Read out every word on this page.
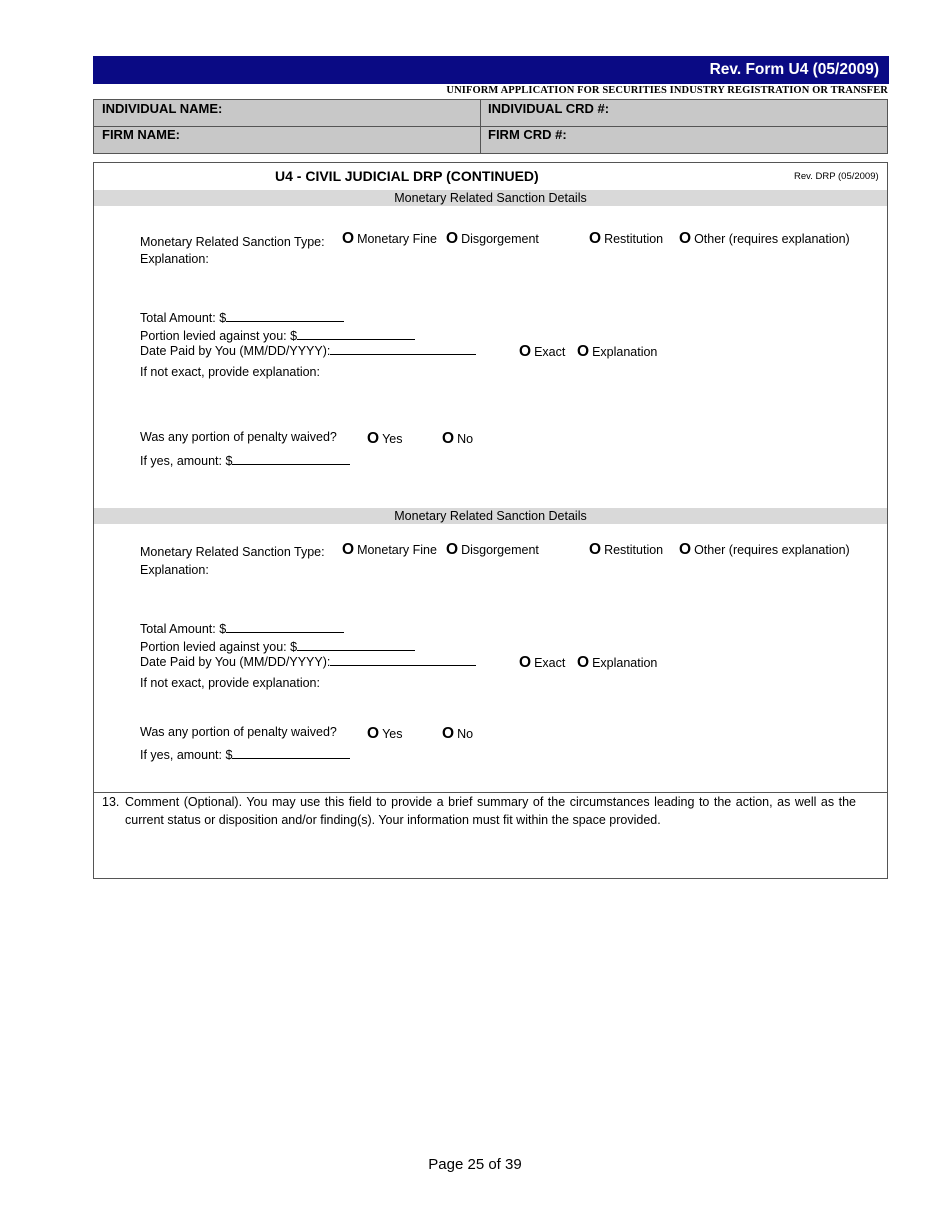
Rev. Form U4 (05/2009)
UNIFORM APPLICATION FOR SECURITIES INDUSTRY REGISTRATION OR TRANSFER
INDIVIDUAL NAME:	INDIVIDUAL CRD #:
FIRM NAME:	FIRM CRD #:
U4 - CIVIL JUDICIAL DRP (CONTINUED)	Rev. DRP (05/2009)
Monetary Related Sanction Details
Monetary Related Sanction Type: O Monetary Fine O Disgorgement	O Restitution O Other (requires explanation)
Explanation:
Total Amount: $
Portion levied against you: $
Date Paid by You (MM/DD/YYYY):	O Exact O Explanation
If not exact, provide explanation:
Was any portion of penalty waived? O Yes	O No
If yes, amount: $
Monetary Related Sanction Details
Monetary Related Sanction Type: O Monetary Fine O Disgorgement	O Restitution O Other (requires explanation)
Explanation:
Total Amount: $
Portion levied against you: $
Date Paid by You (MM/DD/YYYY):	O Exact O Explanation
If not exact, provide explanation:
Was any portion of penalty waived? O Yes	O No
If yes, amount: $
13. Comment (Optional). You may use this field to provide a brief summary of the circumstances leading to the action, as well as the current status or disposition and/or finding(s). Your information must fit within the space provided.
Page 25 of 39
